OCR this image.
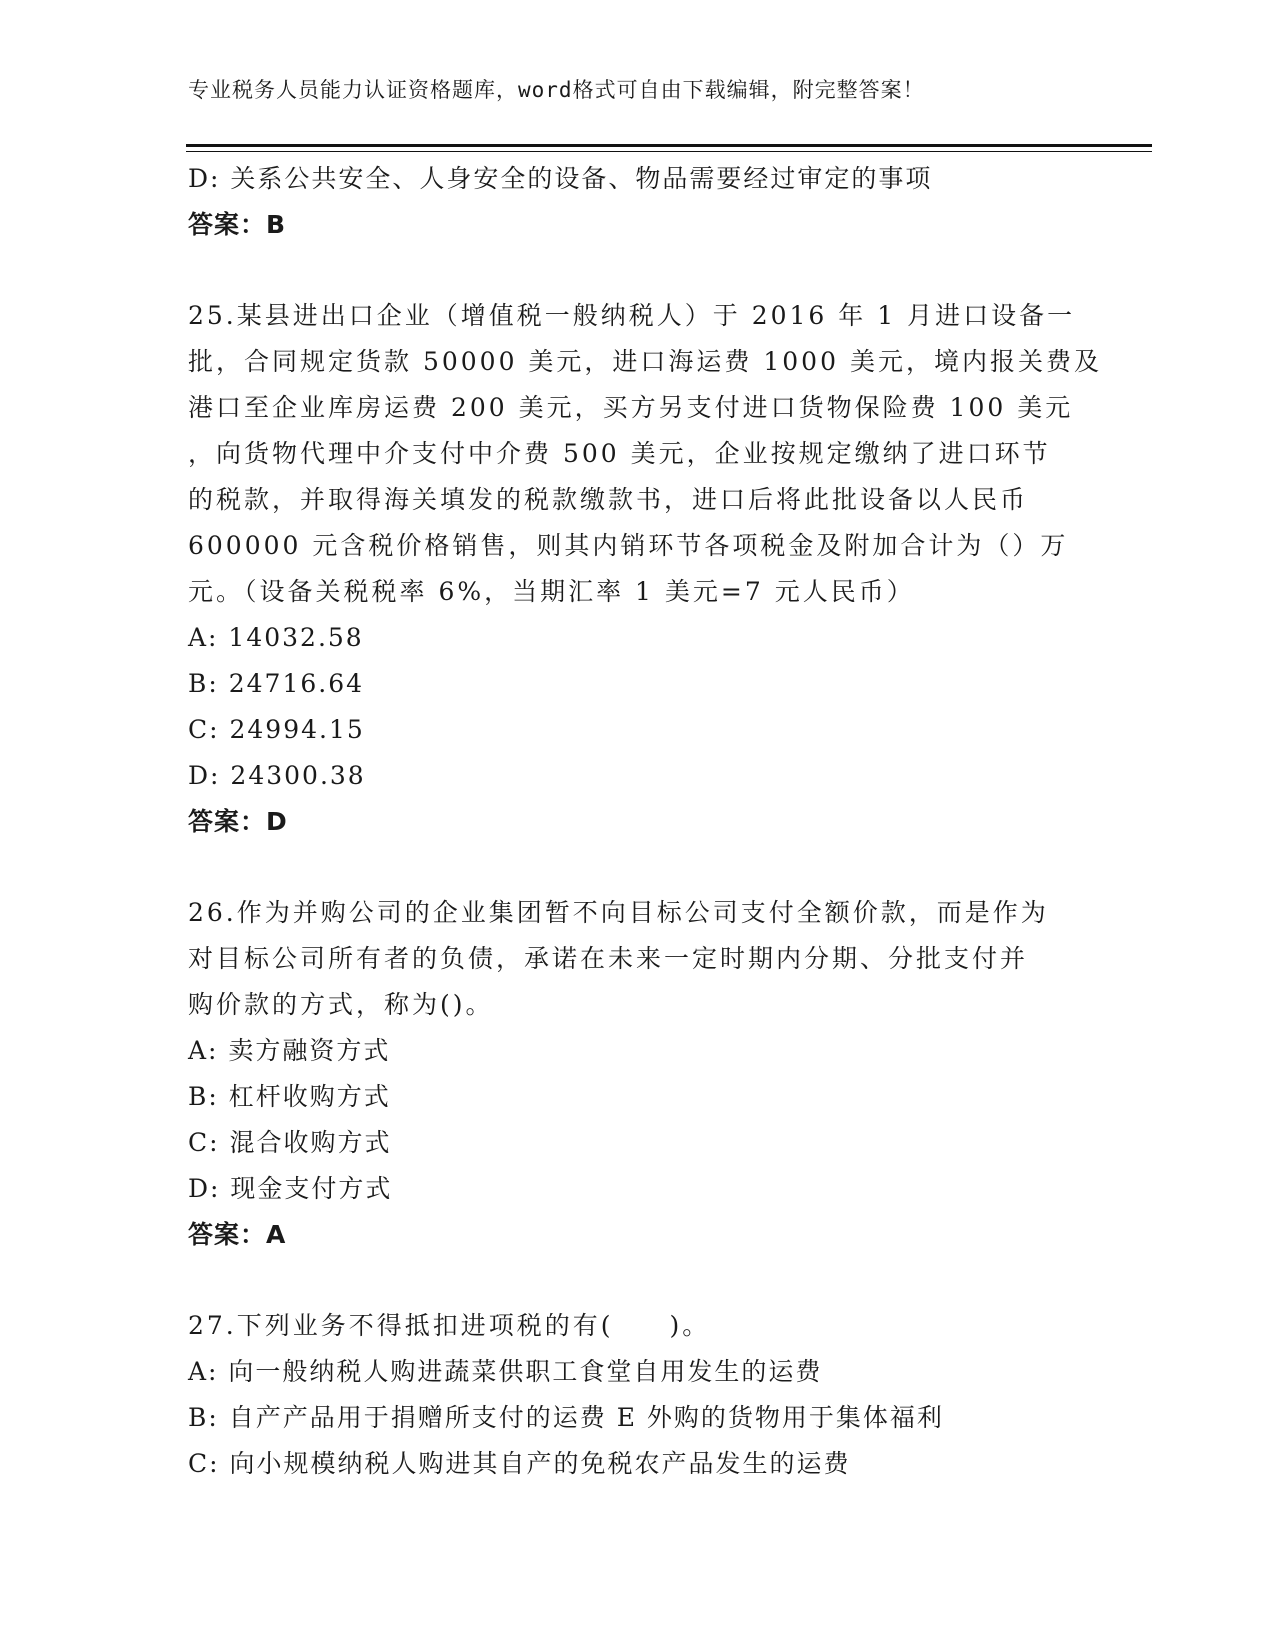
专业税务人员能力认证资格题库，word格式可自由下载编辑，附完整答案！
D: 关系公共安全、人身安全的设备、物品需要经过审定的事项
答案：B
25.某县进出口企业（增值税一般纳税人）于 2016 年 1 月进口设备一
批，合同规定货款 50000 美元，进口海运费 1000 美元，境内报关费及
港口至企业库房运费 200 美元，买方另支付进口货物保险费 100 美元
，向货物代理中介支付中介费 500 美元，企业按规定缴纳了进口环节
的税款，并取得海关填发的税款缴款书，进口后将此批设备以人民币
600000 元含税价格销售，则其内销环节各项税金及附加合计为（）万
元。（设备关税税率 6%，当期汇率 1 美元=7 元人民币）
A: 14032.58
B: 24716.64
C: 24994.15
D: 24300.38
答案：D
26.作为并购公司的企业集团暂不向目标公司支付全额价款，而是作为
对目标公司所有者的负债，承诺在未来一定时期内分期、分批支付并
购价款的方式，称为()。
A: 卖方融资方式
B: 杠杆收购方式
C: 混合收购方式
D: 现金支付方式
答案：A
27.下列业务不得抵扣进项税的有(　　)。
A: 向一般纳税人购进蔬菜供职工食堂自用发生的运费
B: 自产产品用于捐赠所支付的运费 E 外购的货物用于集体福利
C: 向小规模纳税人购进其自产的免税农产品发生的运费
